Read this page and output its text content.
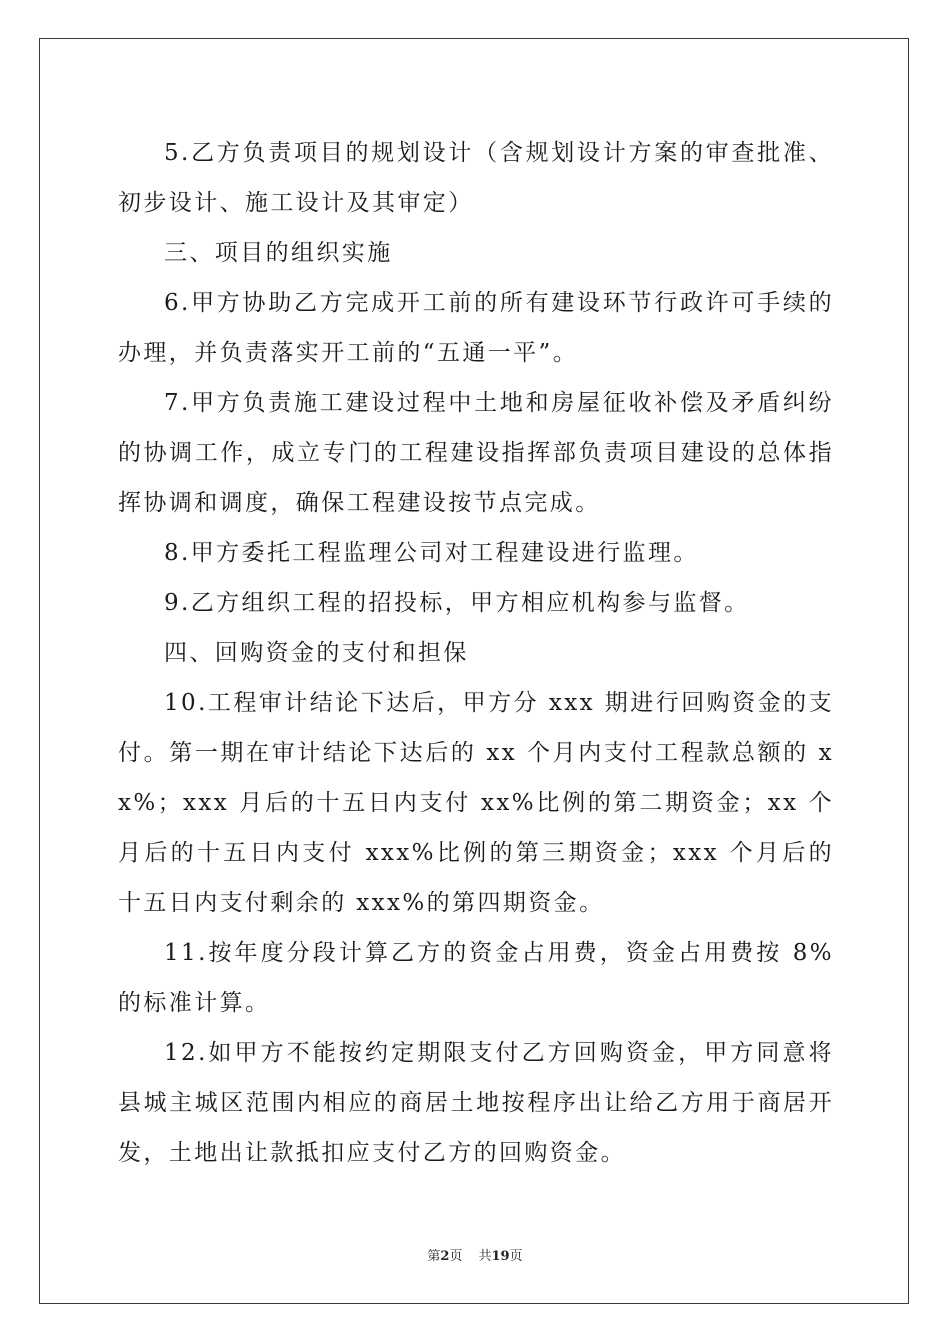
5.乙方负责项目的规划设计（含规划设计方案的审查批准、初步设计、施工设计及其审定）

三、项目的组织实施

6.甲方协助乙方完成开工前的所有建设环节行政许可手续的办理，并负责落实开工前的“五通一平”。

7.甲方负责施工建设过程中土地和房屋征收补偿及矛盾纠纷的协调工作，成立专门的工程建设指挥部负责项目建设的总体指挥协调和调度，确保工程建设按节点完成。

8.甲方委托工程监理公司对工程建设进行监理。

9.乙方组织工程的招投标，甲方相应机构参与监督。

四、回购资金的支付和担保

10.工程审计结论下达后，甲方分 xxx 期进行回购资金的支付。第一期在审计结论下达后的 xx 个月内支付工程款总额的 xx%；xxx 月后的十五日内支付 xx%比例的第二期资金；xx 个月后的十五日内支付 xxx%比例的第三期资金；xxx 个月后的十五日内支付剩余的 xxx%的第四期资金。

11.按年度分段计算乙方的资金占用费，资金占用费按 8%的标准计算。

12.如甲方不能按约定期限支付乙方回购资金，甲方同意将县城主城区范围内相应的商居土地按程序出让给乙方用于商居开发，土地出让款抵扣应支付乙方的回购资金。

第2页 共19页
